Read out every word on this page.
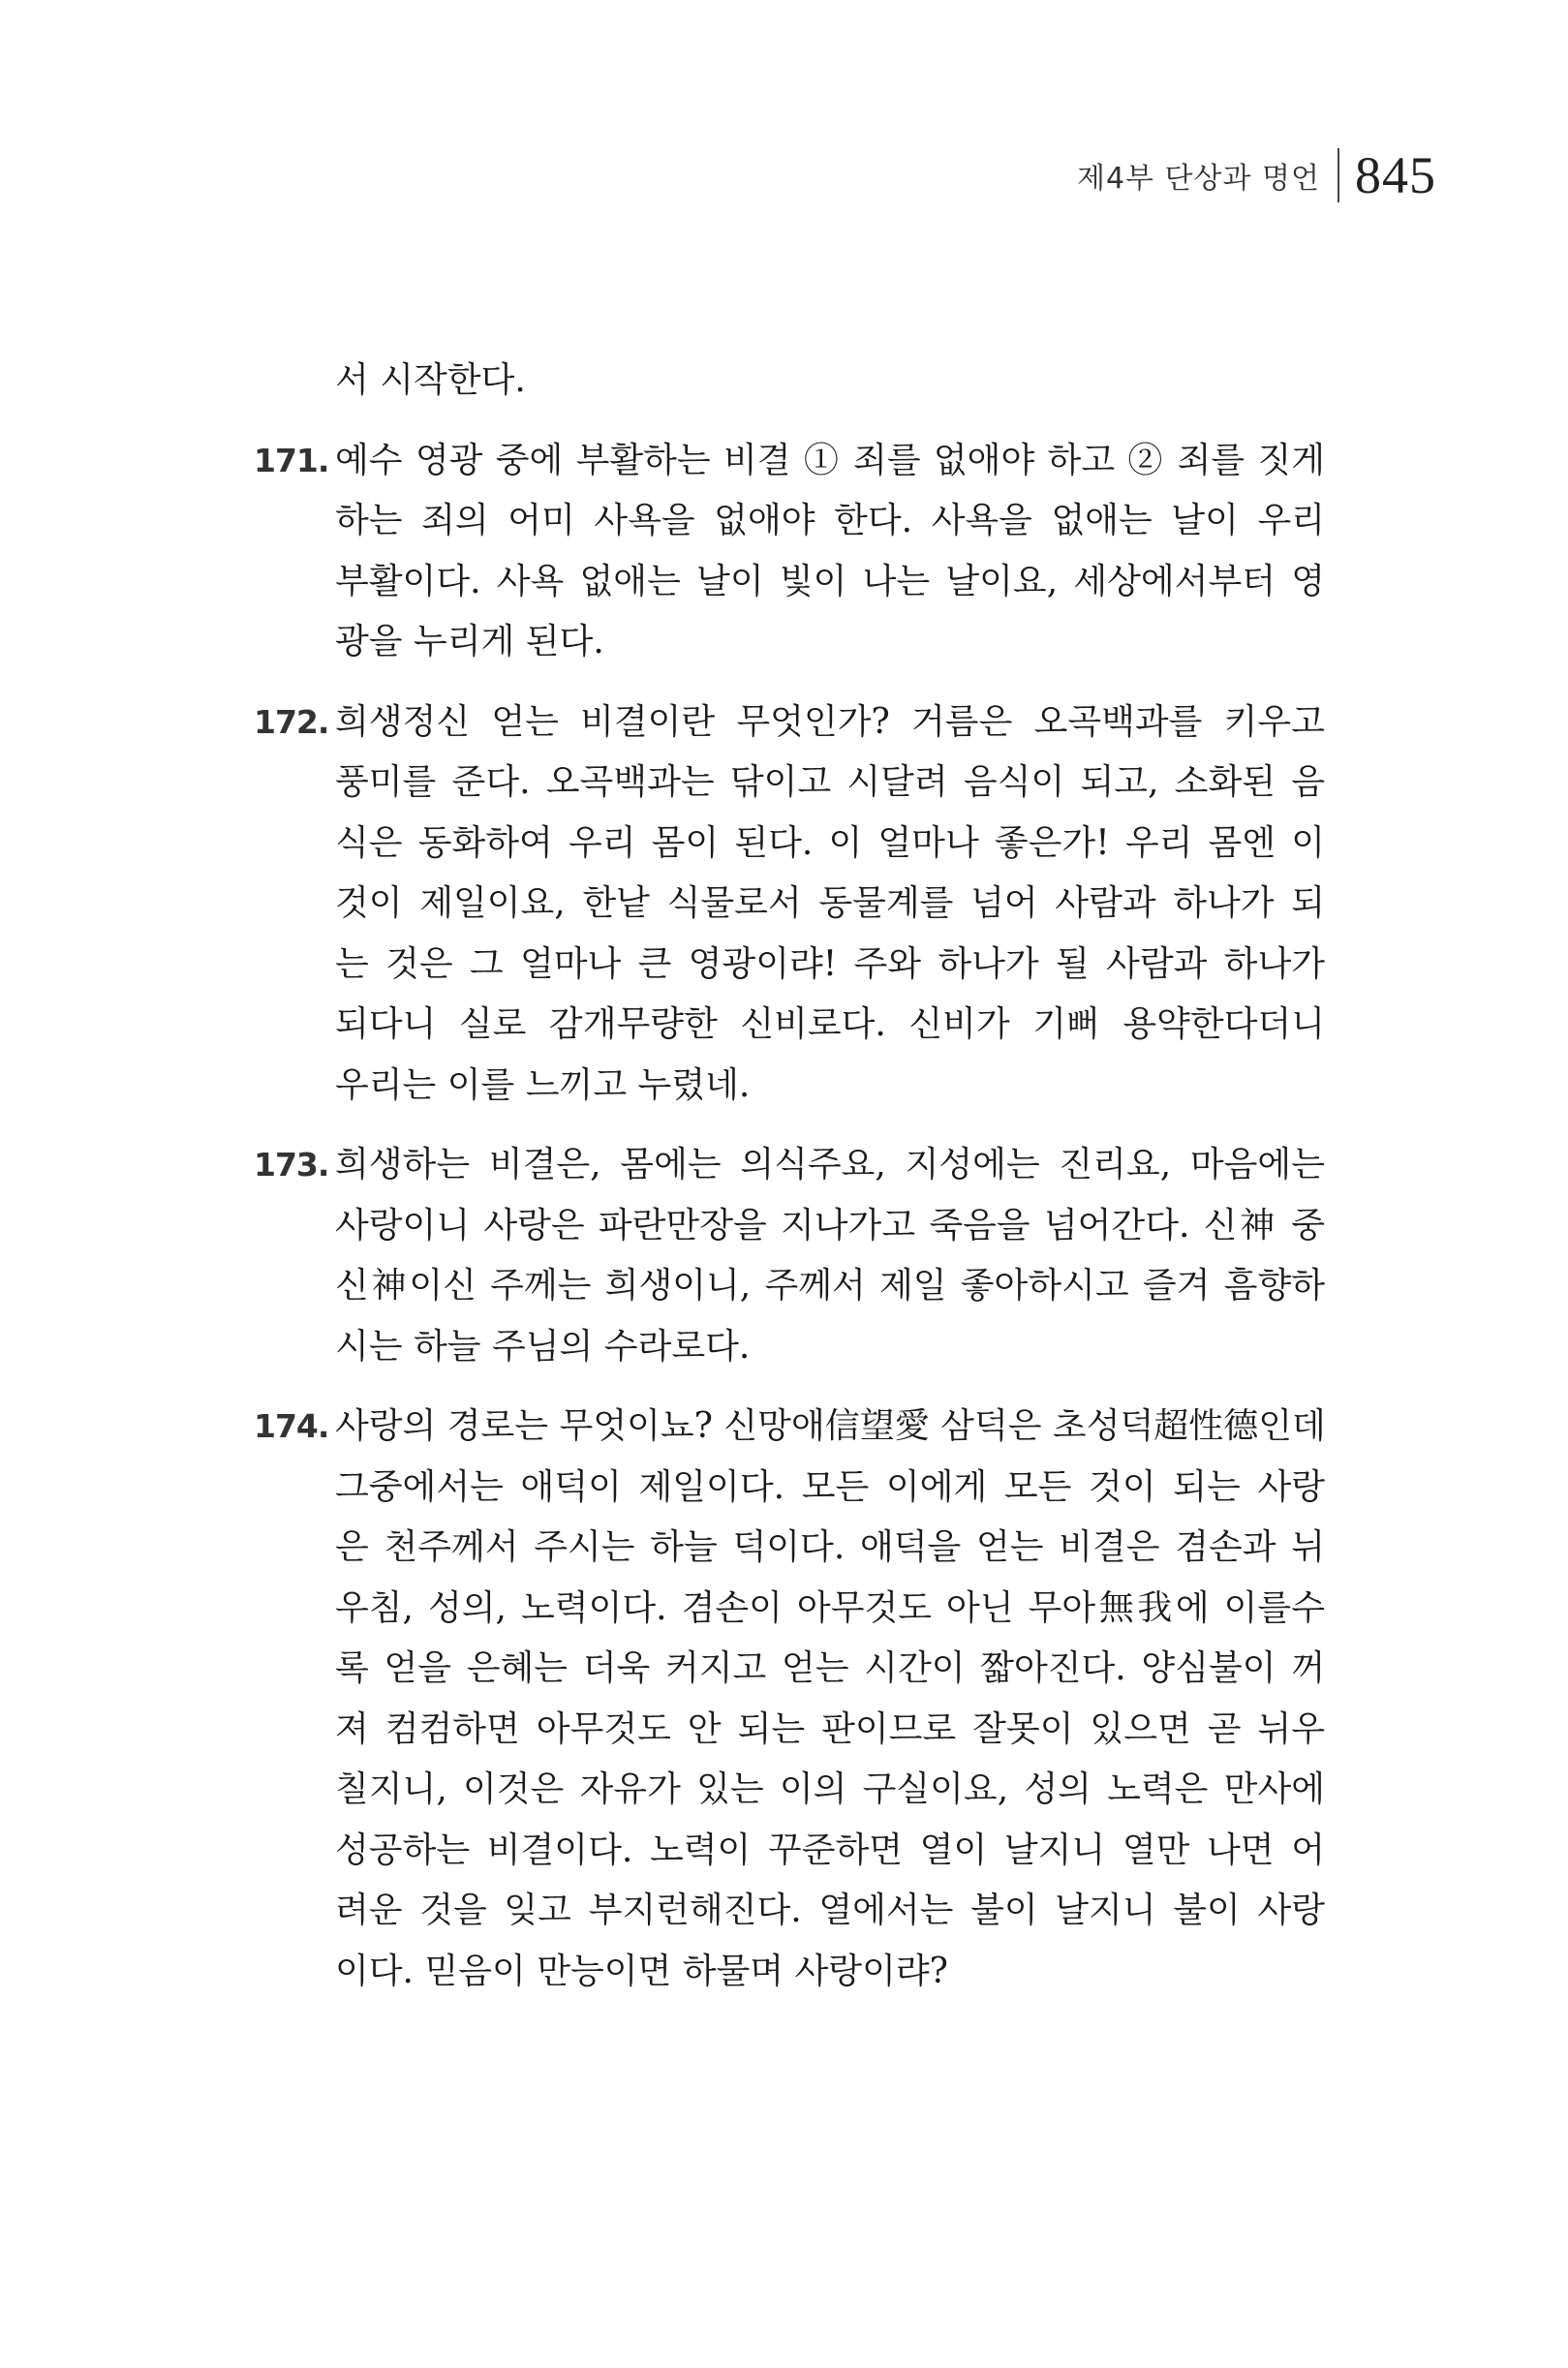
제4부 단상과 명언 845
서 시작한다.
171. 예수 영광 중에 부활하는 비결 ① 죄를 없애야 하고 ② 죄를 짓게
하는 죄의 어미 사욕을 없애야 한다. 사욕을 없애는 날이 우리
부활이다. 사욕 없애는 날이 빛이 나는 날이요, 세상에서부터 영
광을 누리게 된다.
172. 희생정신 얻는 비결이란 무엇인가? 거름은 오곡백과를 키우고
풍미를 준다. 오곡백과는 닦이고 시달려 음식이 되고, 소화된 음
식은 동화하여 우리 몸이 된다. 이 얼마나 좋은가! 우리 몸엔 이
것이 제일이요, 한낱 식물로서 동물계를 넘어 사람과 하나가 되
는 것은 그 얼마나 큰 영광이랴! 주와 하나가 될 사람과 하나가
되다니 실로 감개무량한 신비로다. 신비가 기뻐 용약한다더니
우리는 이를 느끼고 누렸네.
173. 희생하는 비결은, 몸에는 의식주요, 지성에는 진리요, 마음에는
사랑이니 사랑은 파란만장을 지나가고 죽음을 넘어간다. 신神 중
신神이신 주께는 희생이니, 주께서 제일 좋아하시고 즐겨 흠향하
시는 하늘 주님의 수라로다.
174. 사랑의 경로는 무엇이뇨? 신망애信望愛 삼덕은 초성덕超性德인데
그중에서는 애덕이 제일이다. 모든 이에게 모든 것이 되는 사랑
은 천주께서 주시는 하늘 덕이다. 애덕을 얻는 비결은 겸손과 뉘
우침, 성의, 노력이다. 겸손이 아무것도 아닌 무아無我에 이를수
록 얻을 은혜는 더욱 커지고 얻는 시간이 짧아진다. 양심불이 꺼
져 컴컴하면 아무것도 안 되는 판이므로 잘못이 있으면 곧 뉘우
칠지니, 이것은 자유가 있는 이의 구실이요, 성의 노력은 만사에
성공하는 비결이다. 노력이 꾸준하면 열이 날지니 열만 나면 어
려운 것을 잊고 부지런해진다. 열에서는 불이 날지니 불이 사랑
이다. 믿음이 만능이면 하물며 사랑이랴?
